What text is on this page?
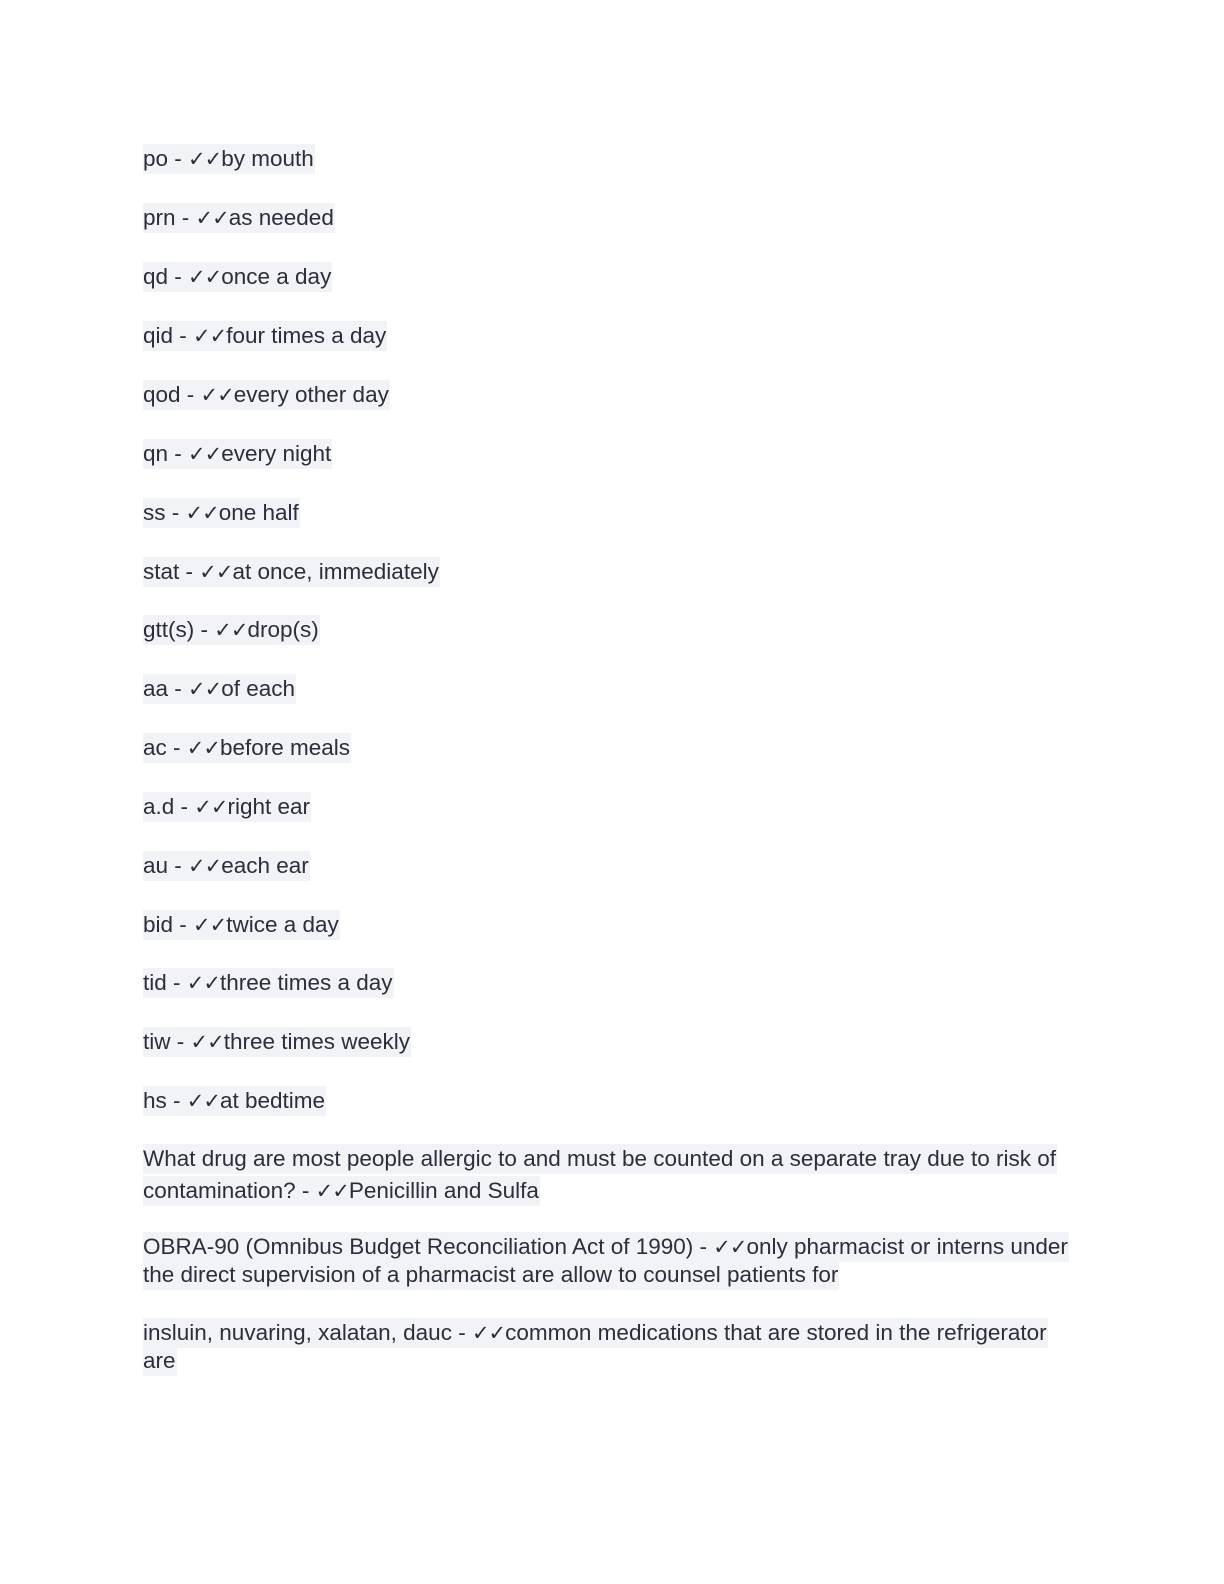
po - ✓✓by mouth
prn - ✓✓as needed
qd - ✓✓once a day
qid - ✓✓four times a day
qod - ✓✓every other day
qn - ✓✓every night
ss - ✓✓one half
stat - ✓✓at once, immediately
gtt(s) - ✓✓drop(s)
aa - ✓✓of each
ac - ✓✓before meals
a.d - ✓✓right ear
au - ✓✓each ear
bid - ✓✓twice a day
tid - ✓✓three times a day
tiw - ✓✓three times weekly
hs - ✓✓at bedtime
What drug are most people allergic to and must be counted on a separate tray due to risk of contamination? - ✓✓Penicillin and Sulfa
OBRA-90 (Omnibus Budget Reconciliation Act of 1990) - ✓✓only pharmacist or interns under the direct supervision of a pharmacist are allow to counsel patients for
insluin, nuvaring, xalatan, dauc - ✓✓common medications that are stored in the refrigerator are
